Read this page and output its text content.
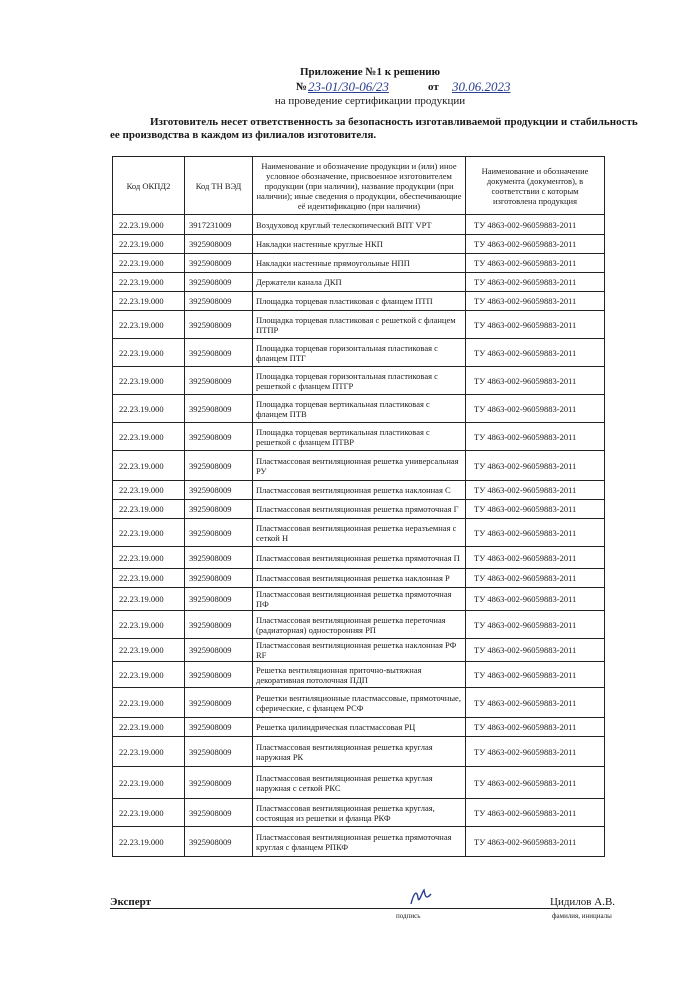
Приложение №1 к решению
№ 23-01/30-06/23	от 30.06.2023
на проведение сертификации продукции
Изготовитель несет ответственность за безопасность изготавливаемой продукции и стабильность ее производства в каждом из филиалов изготовителя.
Код ОКПД2	Код ТН ВЭД	Наименование и обозначение продукции и (или) иное условное обозначение, присвоенное изготовителем продукции (при наличии), название продукции (при наличии); иные сведения о продукции, обеспечивающие её идентификацию (при наличии)	Наименование и обозначение документа (документов), в соответствии с которым изготовлена продукция
22.23.19.000	3917231009	Воздуховод круглый телескопический ВПТ VPT	ТУ 4863-002-96059883-2011
22.23.19.000	3925908009	Накладки настенные круглые НКП	ТУ 4863-002-96059883-2011
22.23.19.000	3925908009	Накладки настенные прямоугольные НПП	ТУ 4863-002-96059883-2011
22.23.19.000	3925908009	Держатели канала ДКП	ТУ 4863-002-96059883-2011
22.23.19.000	3925908009	Площадка торцевая пластиковая с фланцем ПТП	ТУ 4863-002-96059883-2011
22.23.19.000	3925908009	Площадка торцевая пластиковая с решеткой с фланцем ПТПР	ТУ 4863-002-96059883-2011
22.23.19.000	3925908009	Площадка торцевая горизонтальная пластиковая с фланцем ПТГ	ТУ 4863-002-96059883-2011
22.23.19.000	3925908009	Площадка торцевая горизонтальная пластиковая с решеткой с фланцем ПТГР	ТУ 4863-002-96059883-2011
22.23.19.000	3925908009	Площадка торцевая вертикальная пластиковая с фланцем ПТВ	ТУ 4863-002-96059883-2011
22.23.19.000	3925908009	Площадка торцевая вертикальная пластиковая с решеткой с фланцем ПТВР	ТУ 4863-002-96059883-2011
22.23.19.000	3925908009	Пластмассовая вентиляционная решетка универсальная РУ	ТУ 4863-002-96059883-2011
22.23.19.000	3925908009	Пластмассовая вентиляционная решетка наклонная С	ТУ 4863-002-96059883-2011
22.23.19.000	3925908009	Пластмассовая вентиляционная решетка прямоточная Г	ТУ 4863-002-96059883-2011
22.23.19.000	3925908009	Пластмассовая вентиляционная решетка неразъемная с сеткой Н	ТУ 4863-002-96059883-2011
22.23.19.000	3925908009	Пластмассовая вентиляционная решетка прямоточная П	ТУ 4863-002-96059883-2011
22.23.19.000	3925908009	Пластмассовая вентиляционная решетка наклонная Р	ТУ 4863-002-96059883-2011
22.23.19.000	3925908009	Пластмассовая вентиляционная решетка прямоточная ПФ	ТУ 4863-002-96059883-2011
22.23.19.000	3925908009	Пластмассовая вентиляционная решетка переточная (радиаторная) односторонняя РП	ТУ 4863-002-96059883-2011
22.23.19.000	3925908009	Пластмассовая вентиляционная решетка наклонная РФ RF	ТУ 4863-002-96059883-2011
22.23.19.000	3925908009	Решетка вентиляционная приточно-вытяжная декоративная потолочная ПДП	ТУ 4863-002-96059883-2011
22.23.19.000	3925908009	Решетки вентиляционные пластмассовые, прямоточные, сферические, с фланцем РСФ	ТУ 4863-002-96059883-2011
22.23.19.000	3925908009	Решетка цилиндрическая пластмассовая РЦ	ТУ 4863-002-96059883-2011
22.23.19.000	3925908009	Пластмассовая вентиляционная решетка круглая наружная РК	ТУ 4863-002-96059883-2011
22.23.19.000	3925908009	Пластмассовая вентиляционная решетка круглая наружная с сеткой РКС	ТУ 4863-002-96059883-2011
22.23.19.000	3925908009	Пластмассовая вентиляционная решетка круглая, состоящая из решетки и фланца РКФ	ТУ 4863-002-96059883-2011
22.23.19.000	3925908009	Пластмассовая вентиляционная решетка прямоточная круглая с фланцем РПКФ	ТУ 4863-002-96059883-2011
Эксперт
подпись
Цидилов А.В.
фамилия, инициалы
